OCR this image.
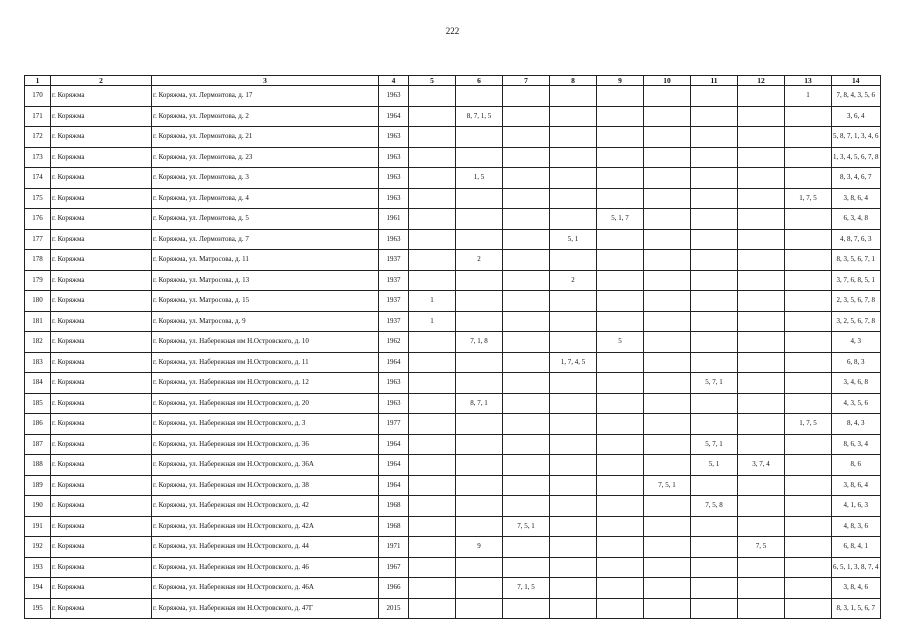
222
1	2	3	4	5	6	7	8	9	10	11	12	13	14
170	г. Коряжма	г. Коряжма, ул. Лермонтова, д. 17	1963									1	7, 8, 4, 3, 5, 6
171	г. Коряжма	г. Коряжма, ул. Лермонтова, д. 2	1964		8, 7, 1, 5								3, 6, 4
172	г. Коряжма	г. Коряжма, ул. Лермонтова, д. 21	1963										5, 8, 7, 1, 3, 4, 6
173	г. Коряжма	г. Коряжма, ул. Лермонтова, д. 23	1963										1, 3, 4, 5, 6, 7, 8
174	г. Коряжма	г. Коряжма, ул. Лермонтова, д. 3	1963		1, 5								8, 3, 4, 6, 7
175	г. Коряжма	г. Коряжма, ул. Лермонтова, д. 4	1963									1, 7, 5	3, 8, 6, 4
176	г. Коряжма	г. Коряжма, ул. Лермонтова, д. 5	1961					5, 1, 7					6, 3, 4, 8
177	г. Коряжма	г. Коряжма, ул. Лермонтова, д. 7	1963				5, 1						4, 8, 7, 6, 3
178	г. Коряжма	г. Коряжма, ул. Матросова, д. 11	1937		2								8, 3, 5, 6, 7, 1
179	г. Коряжма	г. Коряжма, ул. Матросова, д. 13	1937				2						3, 7, 6, 8, 5, 1
180	г. Коряжма	г. Коряжма, ул. Матросова, д. 15	1937	1									2, 3, 5, 6, 7, 8
181	г. Коряжма	г. Коряжма, ул. Матросова, д. 9	1937	1									3, 2, 5, 6, 7, 8
182	г. Коряжма	г. Коряжма, ул. Набережная им Н.Островского, д. 10	1962		7, 1, 8			5					4, 3
183	г. Коряжма	г. Коряжма, ул. Набережная им Н.Островского, д. 11	1964				1, 7, 4, 5						6, 8, 3
184	г. Коряжма	г. Коряжма, ул. Набережная им Н.Островского, д. 12	1963							5, 7, 1			3, 4, 6, 8
185	г. Коряжма	г. Коряжма, ул. Набережная им Н.Островского, д. 20	1963		8, 7, 1								4, 3, 5, 6
186	г. Коряжма	г. Коряжма, ул. Набережная им Н.Островского, д. 3	1977									1, 7, 5	8, 4, 3
187	г. Коряжма	г. Коряжма, ул. Набережная им Н.Островского, д. 36	1964							5, 7, 1			8, 6, 3, 4
188	г. Коряжма	г. Коряжма, ул. Набережная им Н.Островского, д. 36А	1964							5, 1	3, 7, 4		8, 6
189	г. Коряжма	г. Коряжма, ул. Набережная им Н.Островского, д. 38	1964						7, 5, 1				3, 8, 6, 4
190	г. Коряжма	г. Коряжма, ул. Набережная им Н.Островского, д. 42	1968							7, 5, 8			4, 1, 6, 3
191	г. Коряжма	г. Коряжма, ул. Набережная им Н.Островского, д. 42А	1968			7, 5, 1							4, 8, 3, 6
192	г. Коряжма	г. Коряжма, ул. Набережная им Н.Островского, д. 44	1971		9						7, 5		6, 8, 4, 1
193	г. Коряжма	г. Коряжма, ул. Набережная им Н.Островского, д. 46	1967										6, 5, 1, 3, 8, 7, 4
194	г. Коряжма	г. Коряжма, ул. Набережная им Н.Островского, д. 46А	1966			7, 1, 5							3, 8, 4, 6
195	г. Коряжма	г. Коряжма, ул. Набережная им Н.Островского, д. 47Г	2015										8, 3, 1, 5, 6, 7
